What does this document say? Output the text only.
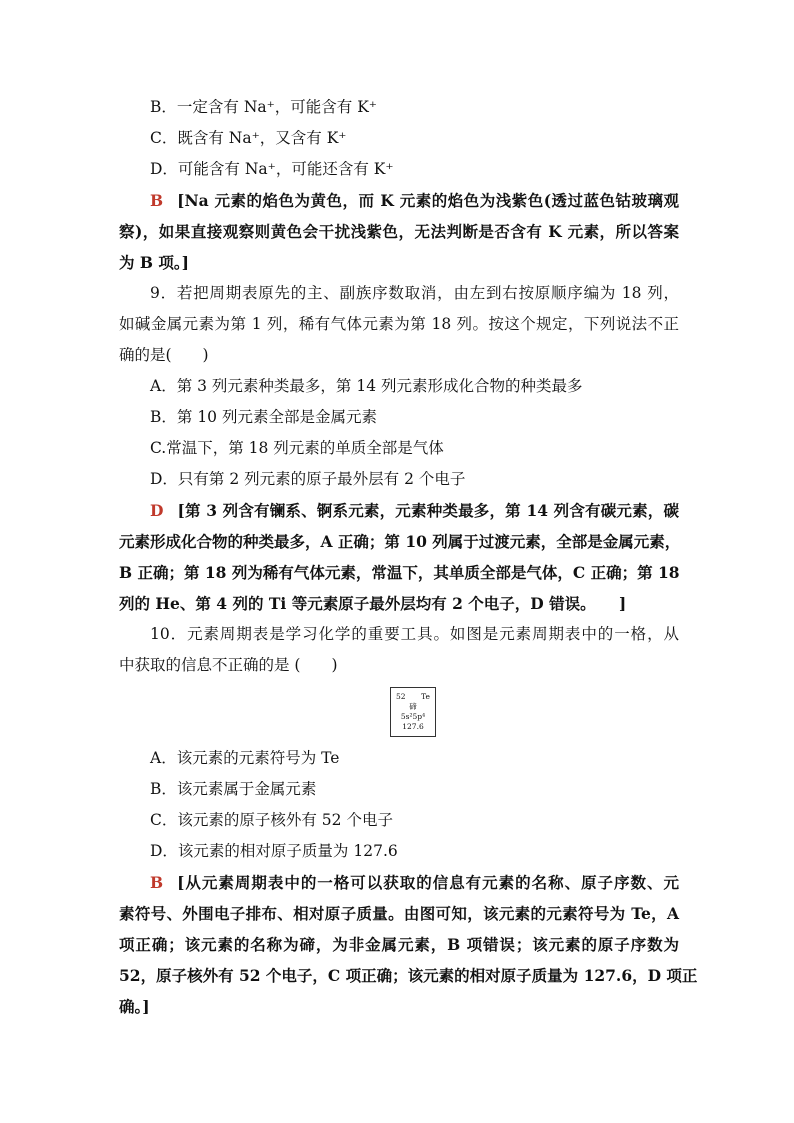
B．一定含有 Na⁺，可能含有 K⁺
C．既含有 Na⁺，又含有 K⁺
D．可能含有 Na⁺，可能还含有 K⁺
B [Na 元素的焰色为黄色，而 K 元素的焰色为浅紫色(透过蓝色钴玻璃观
察)，如果直接观察则黄色会干扰浅紫色，无法判断是否含有 K 元素，所以答案
为 B 项。]
9．若把周期表原先的主、副族序数取消，由左到右按原顺序编为 18 列，
如碱金属元素为第 1 列，稀有气体元素为第 18 列。按这个规定，下列说法不正
确的是(　　)
A．第 3 列元素种类最多，第 14 列元素形成化合物的种类最多
B．第 10 列元素全部是金属元素
C.常温下，第 18 列元素的单质全部是气体
D．只有第 2 列元素的原子最外层有 2 个电子
D [第 3 列含有镧系、锕系元素，元素种类最多，第 14 列含有碳元素，碳
元素形成化合物的种类最多，A 正确；第 10 列属于过渡元素，全部是金属元素，
B 正确；第 18 列为稀有气体元素，常温下，其单质全部是气体，C 正确；第 18
列的 He、第 4 列的 Ti 等元素原子最外层均有 2 个电子，D 错误。　　]
10．元素周期表是学习化学的重要工具。如图是元素周期表中的一格，从
中获取的信息不正确的是 (　　)
52 Te
碲
5s²5p⁴
127.6
A．该元素的元素符号为 Te
B．该元素属于金属元素
C．该元素的原子核外有 52 个电子
D．该元素的相对原子质量为 127.6
B [从元素周期表中的一格可以获取的信息有元素的名称、原子序数、元
素符号、外围电子排布、相对原子质量。由图可知，该元素的元素符号为 Te，A
项正确；该元素的名称为碲，为非金属元素，B 项错误；该元素的原子序数为
52，原子核外有 52 个电子，C 项正确；该元素的相对原子质量为 127.6，D 项正
确。]
